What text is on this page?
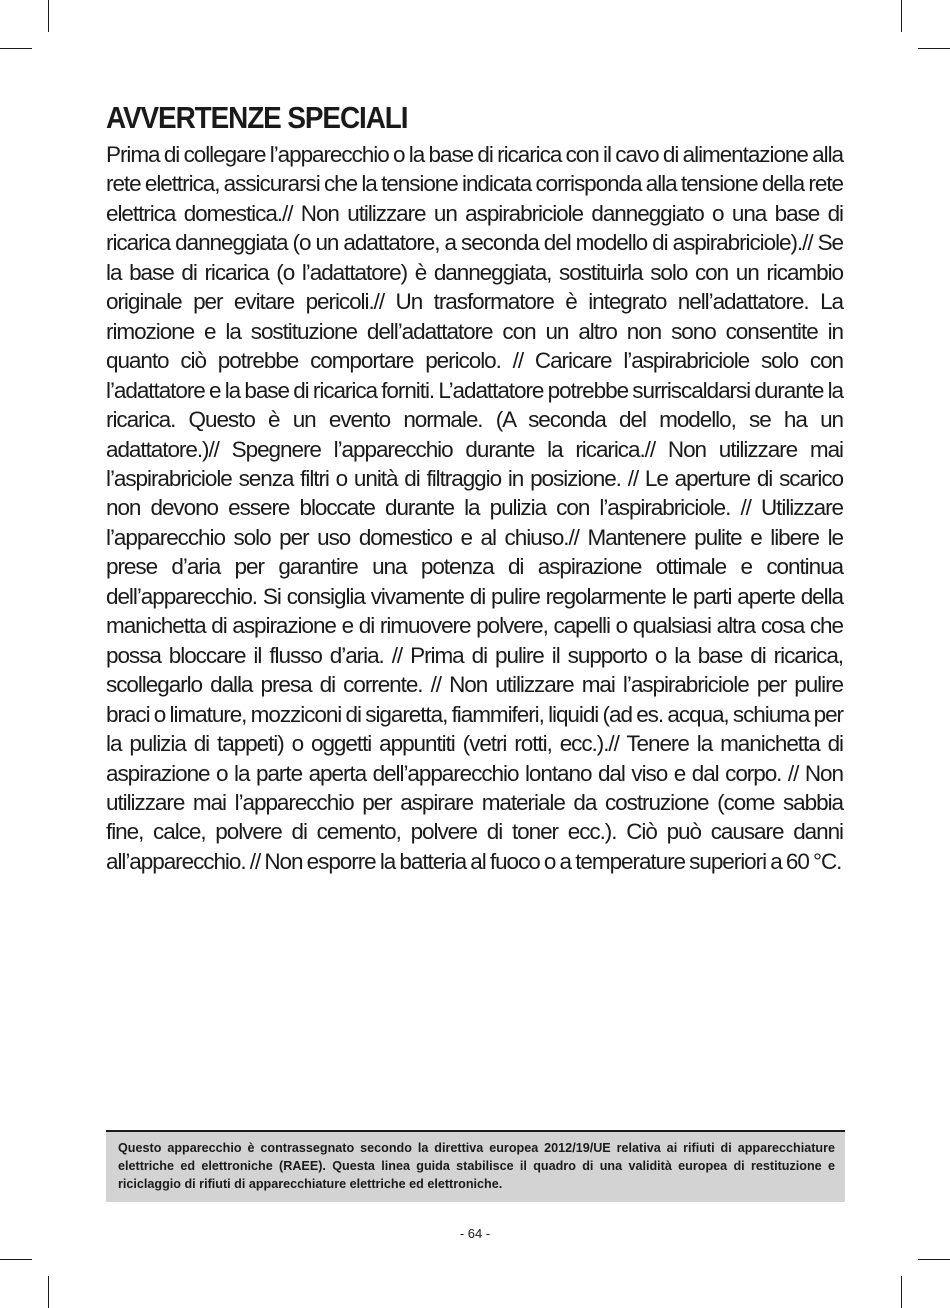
AVVERTENZE SPECIALI

Prima di collegare l’apparecchio o la base di ricarica con il cavo di alimentazione alla rete elettrica, assicurarsi che la tensione indicata corrisponda alla tensione della rete elettrica domestica.// Non utilizzare un aspirabriciole danneggiato o una base di ricarica danneggiata (o un adattatore, a seconda del modello di aspirabriciole).// Se la base di ricarica (o l’adattatore) è danneggiata, sostituirla solo con un ricambio originale per evitare pericoli.// Un trasformatore è integrato nell’adattatore. La rimozione e la sostituzione dell’adattatore con un altro non sono consentite in quanto ciò potrebbe comportare pericolo. // Caricare l’aspirabriciole solo con l’adattatore e la base di ricarica forniti. L’adattatore potrebbe surriscaldarsi durante la ricarica. Questo è un evento normale. (A seconda del modello, se ha un adattatore.)// Spegnere l’apparecchio durante la ricarica.// Non utilizzare mai l’aspirabriciole senza filtri o unità di filtraggio in posizione. // Le aperture di scarico non devono essere bloccate durante la pulizia con l’aspirabriciole. // Utilizzare l’apparecchio solo per uso domestico e al chiuso.// Mantenere pulite e libere le prese d’aria per garantire una potenza di aspirazione ottimale e continua dell’apparecchio. Si consiglia vivamente di pulire regolarmente le parti aperte della manichetta di aspirazione e di rimuovere polvere, capelli o qualsiasi altra cosa che possa bloccare il flusso d’aria. // Prima di pulire il supporto o la base di ricarica, scollegarlo dalla presa di corrente. // Non utilizzare mai l’aspirabriciole per pulire braci o limature, mozziconi di sigaretta, fiammiferi, liquidi (ad es. acqua, schiuma per la pulizia di tappeti) o oggetti appuntiti (vetri rotti, ecc.).// Tenere la manichetta di aspirazione o la parte aperta dell’apparecchio lontano dal viso e dal corpo. // Non utilizzare mai l’apparecchio per aspirare materiale da costruzione (come sabbia fine, calce, polvere di cemento, polvere di toner ecc.). Ciò può causare danni all’apparecchio. // Non esporre la batteria al fuoco o a temperature superiori a 60 °C.

Questo apparecchio è contrassegnato secondo la direttiva europea 2012/19/UE relativa ai rifiuti di apparecchiature elettriche ed elettroniche (RAEE). Questa linea guida stabilisce il quadro di una validità europea di restituzione e riciclaggio di rifiuti di apparecchiature elettriche ed elettroniche.

- 64 -
